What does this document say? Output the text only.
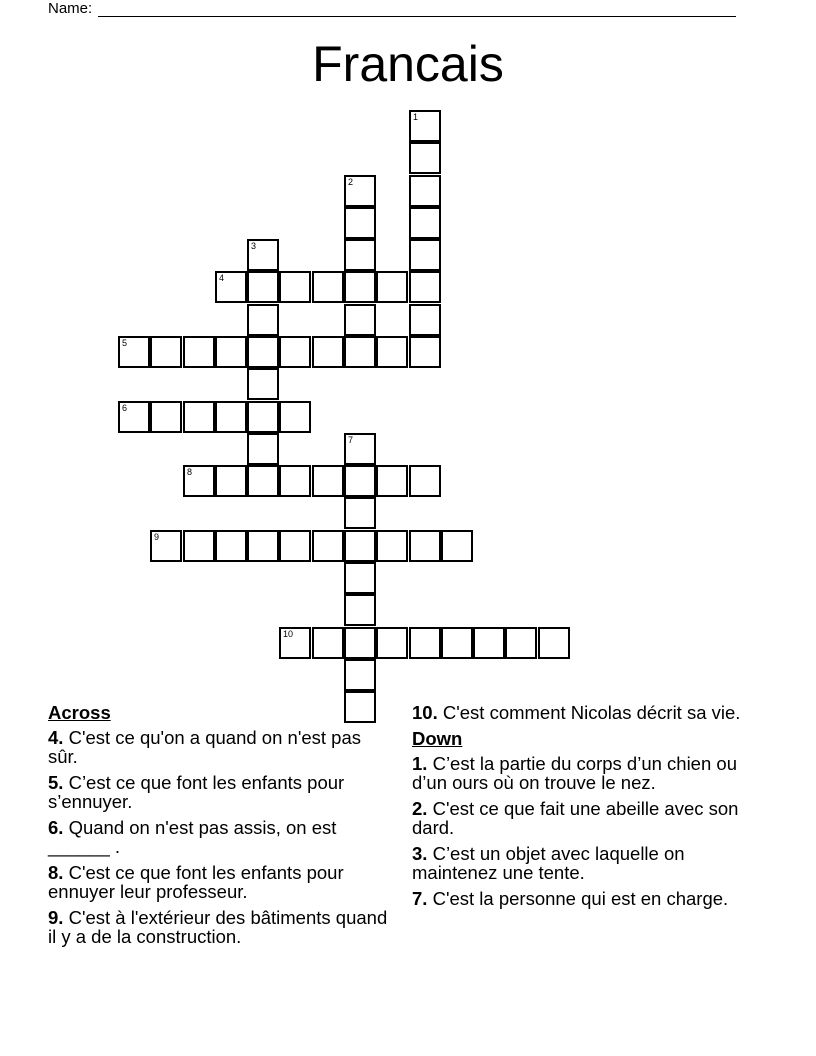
Name:
Francais
1
2
3
4
5
6
7
8
9
10
Across
4. C'est ce qu'on a quand on n'est pas sûr.
5. C’est ce que font les enfants pour s’ennuyer.
6. Quand on n'est pas assis, on est ______ .
8. C'est ce que font les enfants pour ennuyer leur professeur.
9. C'est à l'extérieur des bâtiments quand il y a de la construction.
10. C'est comment Nicolas décrit sa vie.
Down
1. C’est la partie du corps d’un chien ou d’un ours où on trouve le nez.
2. C'est ce que fait une abeille avec son dard.
3. C’est un objet avec laquelle on maintenez une tente.
7. C'est la personne qui est en charge.
